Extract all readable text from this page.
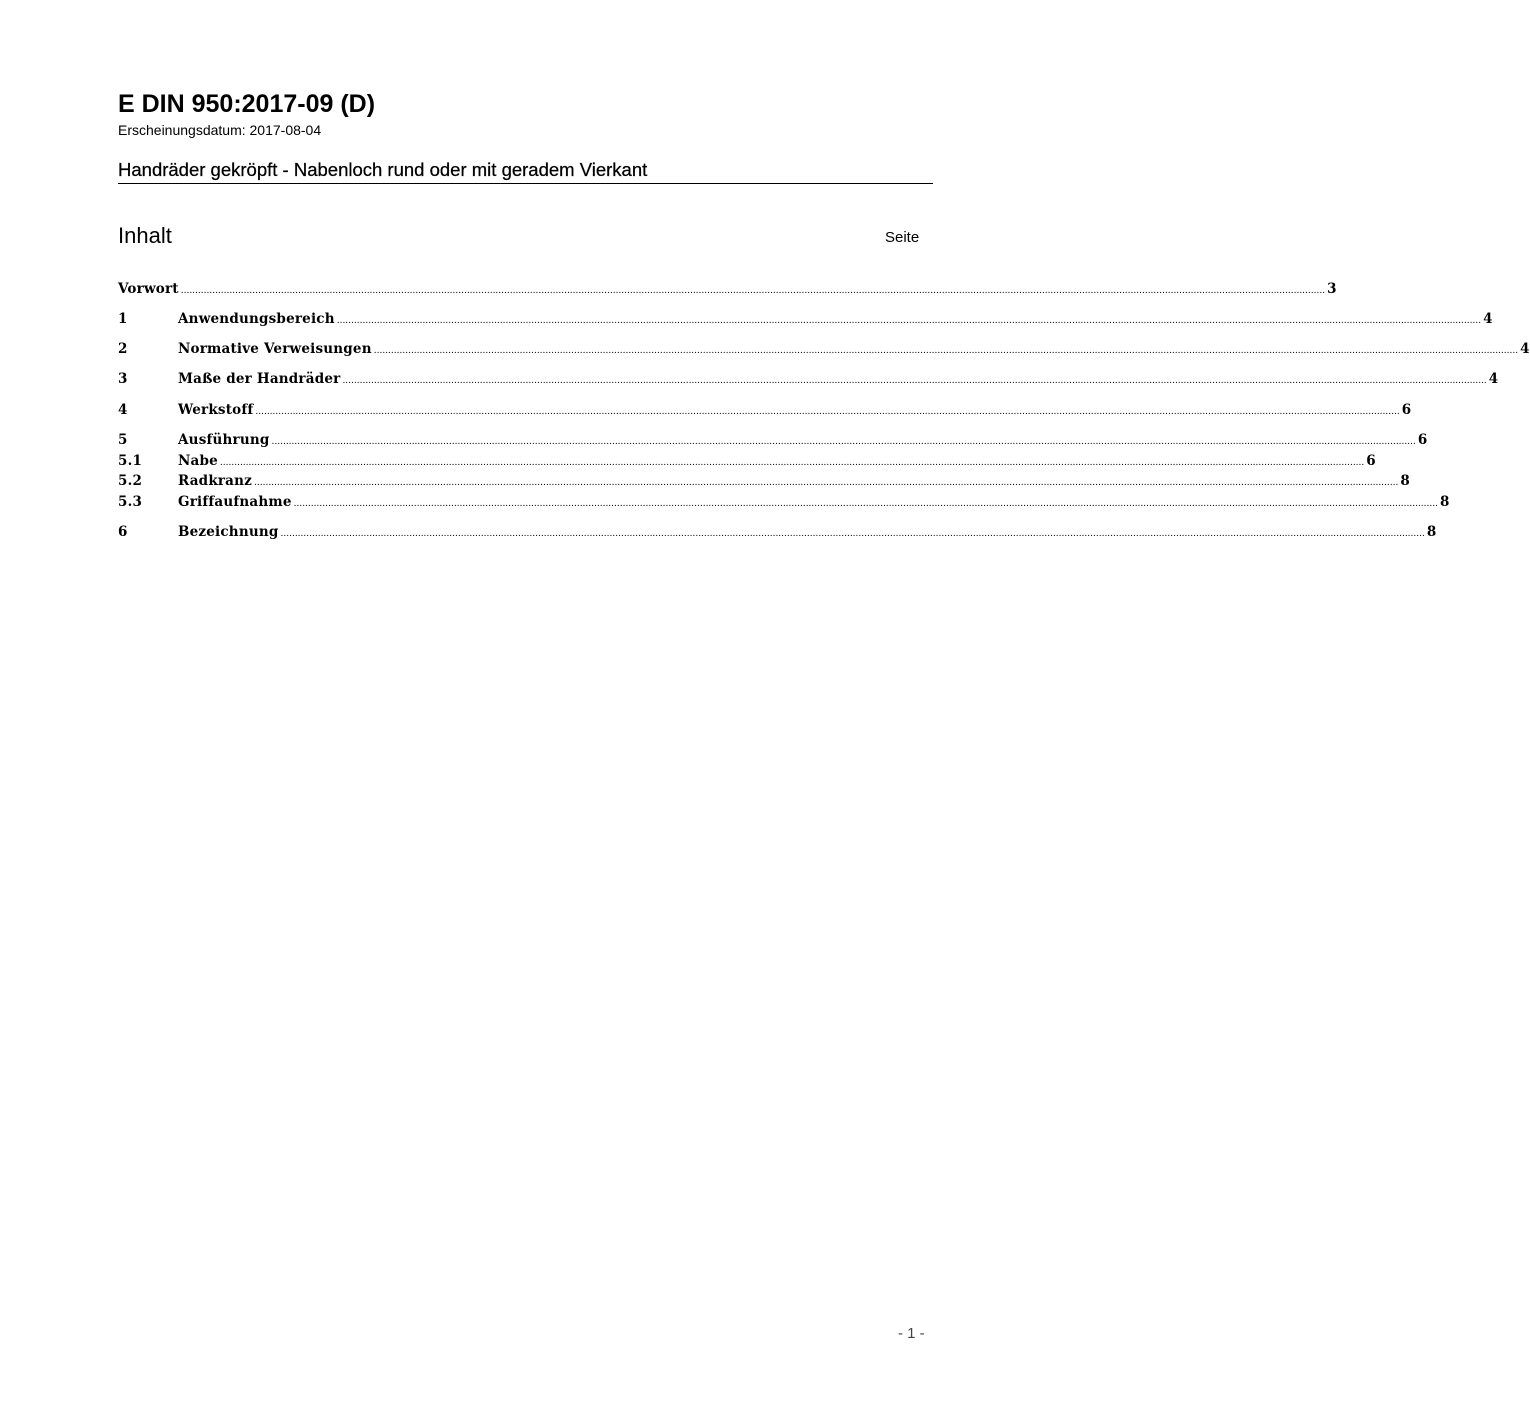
E DIN 950:2017-09 (D)
Erscheinungsdatum: 2017-08-04
Handräder gekröpft - Nabenloch rund oder mit geradem Vierkant
Inhalt	Seite
Vorwort ................................................................................................................................................................................................................................................................................................................................................................................................................ 3
1	Anwendungsbereich ................................................................................................................................................................................................................................................................................................................................................................................................................ 4
2	Normative Verweisungen ................................................................................................................................................................................................................................................................................................................................................................................................................ 4
3	Maße der Handräder ................................................................................................................................................................................................................................................................................................................................................................................................................ 4
4	Werkstoff ................................................................................................................................................................................................................................................................................................................................................................................................................ 6
5	Ausführung ................................................................................................................................................................................................................................................................................................................................................................................................................ 6
5.1	Nabe ................................................................................................................................................................................................................................................................................................................................................................................................................ 6
5.2	Radkranz ................................................................................................................................................................................................................................................................................................................................................................................................................ 8
5.3	Griffaufnahme ................................................................................................................................................................................................................................................................................................................................................................................................................ 8
6	Bezeichnung ................................................................................................................................................................................................................................................................................................................................................................................................................ 8
- 1 -
